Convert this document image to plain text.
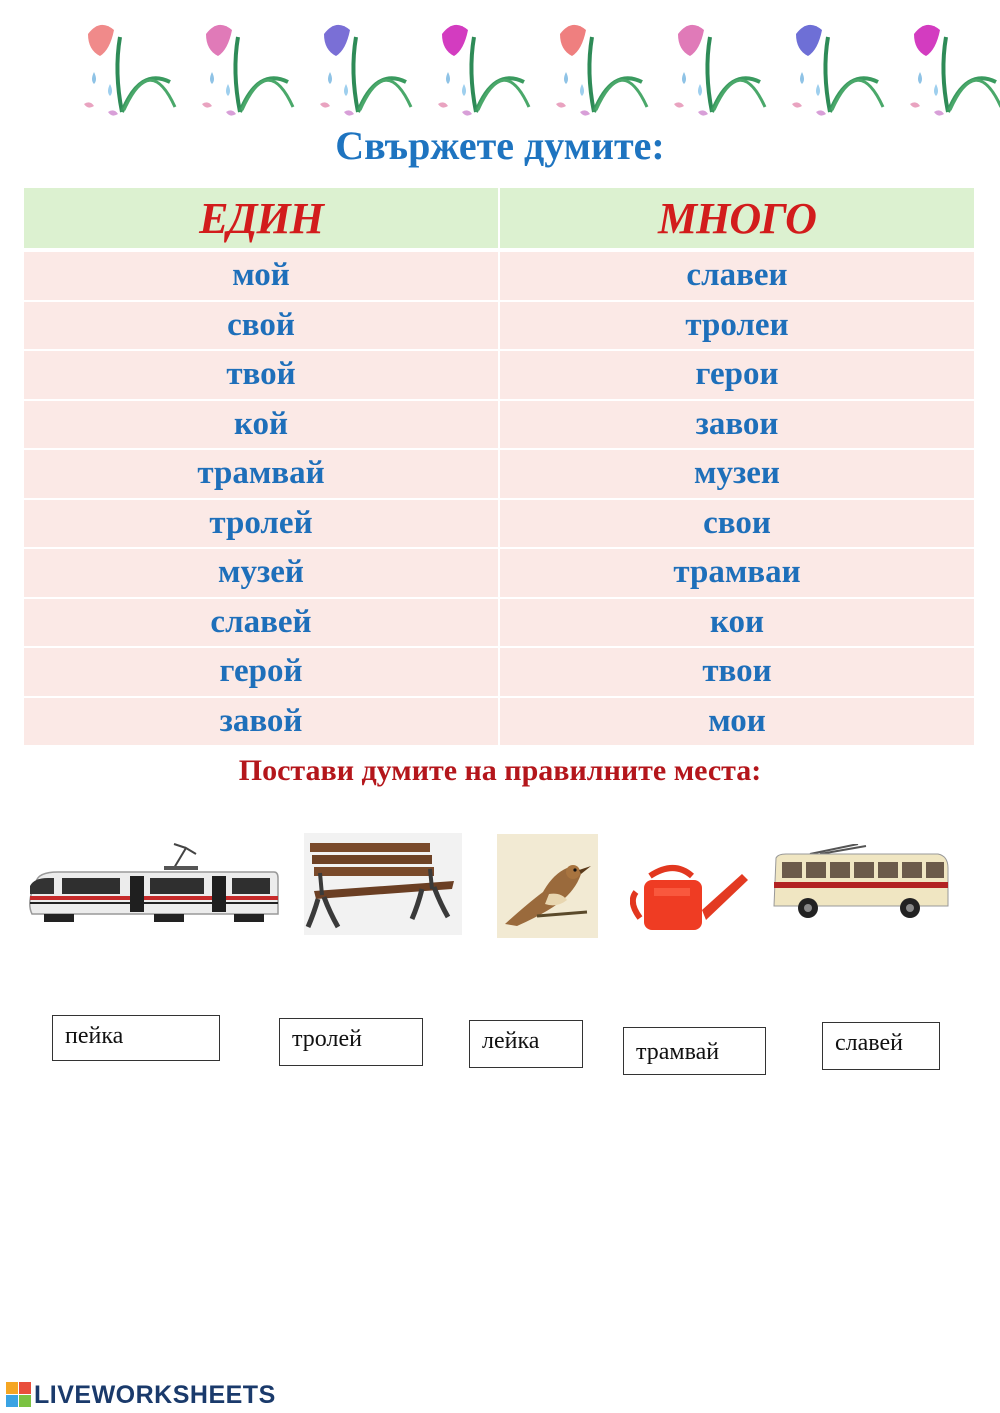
Свържете думите:
ЕДИН	МНОГО

мой	славеи
свой	тролеи
твой	герои
кой	завои
трамвай	музеи
тролей	свои
музей	трамваи
славей	кои
герой	твои
завой	мои
Постави думите на правилните места:
пейка	тролей	лейка	трамвай	славей
LIVEWORKSHEETS
